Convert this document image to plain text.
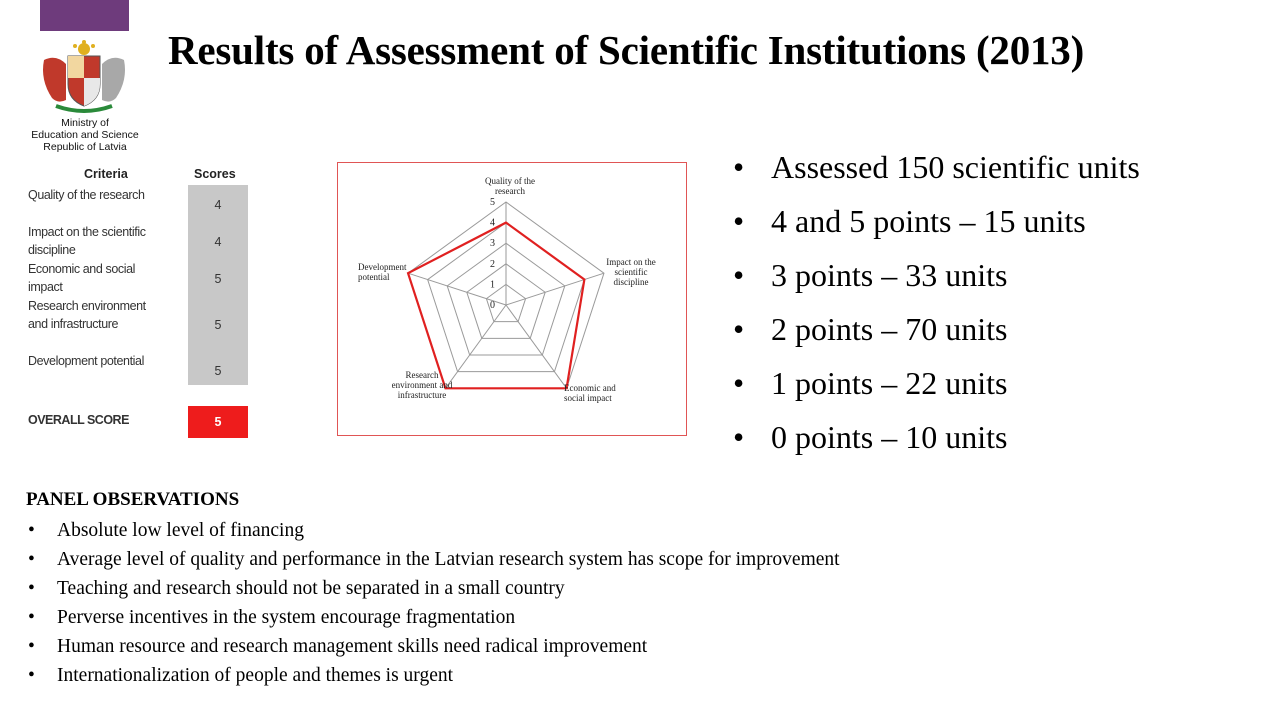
Ministry of
Education and Science
Republic of Latvia
Results of Assessment of Scientific Institutions (2013)
Criteria	Scores
Quality of the research
Impact on the scientific discipline
Economic and social impact
Research environment and infrastructure
Development potential
4
4
5
5
5
OVERALL SCORE	5
0
1
2
3
4
5
Quality of the research
Impact on the scientific discipline
Economic and social impact
Research environment and infrastructure
Development potential
• Assessed 150 scientific units
• 4 and 5 points – 15 units
• 3 points – 33 units
• 2 points – 70 units
• 1 points – 22 units
• 0 points – 10 units
PANEL OBSERVATIONS
• Absolute low level of financing
• Average level of quality and performance in the Latvian research system has scope for improvement
• Teaching and research should not be separated in a small country
• Perverse incentives in the system encourage fragmentation
• Human resource and research management skills need radical improvement
• Internationalization of people and themes is urgent
